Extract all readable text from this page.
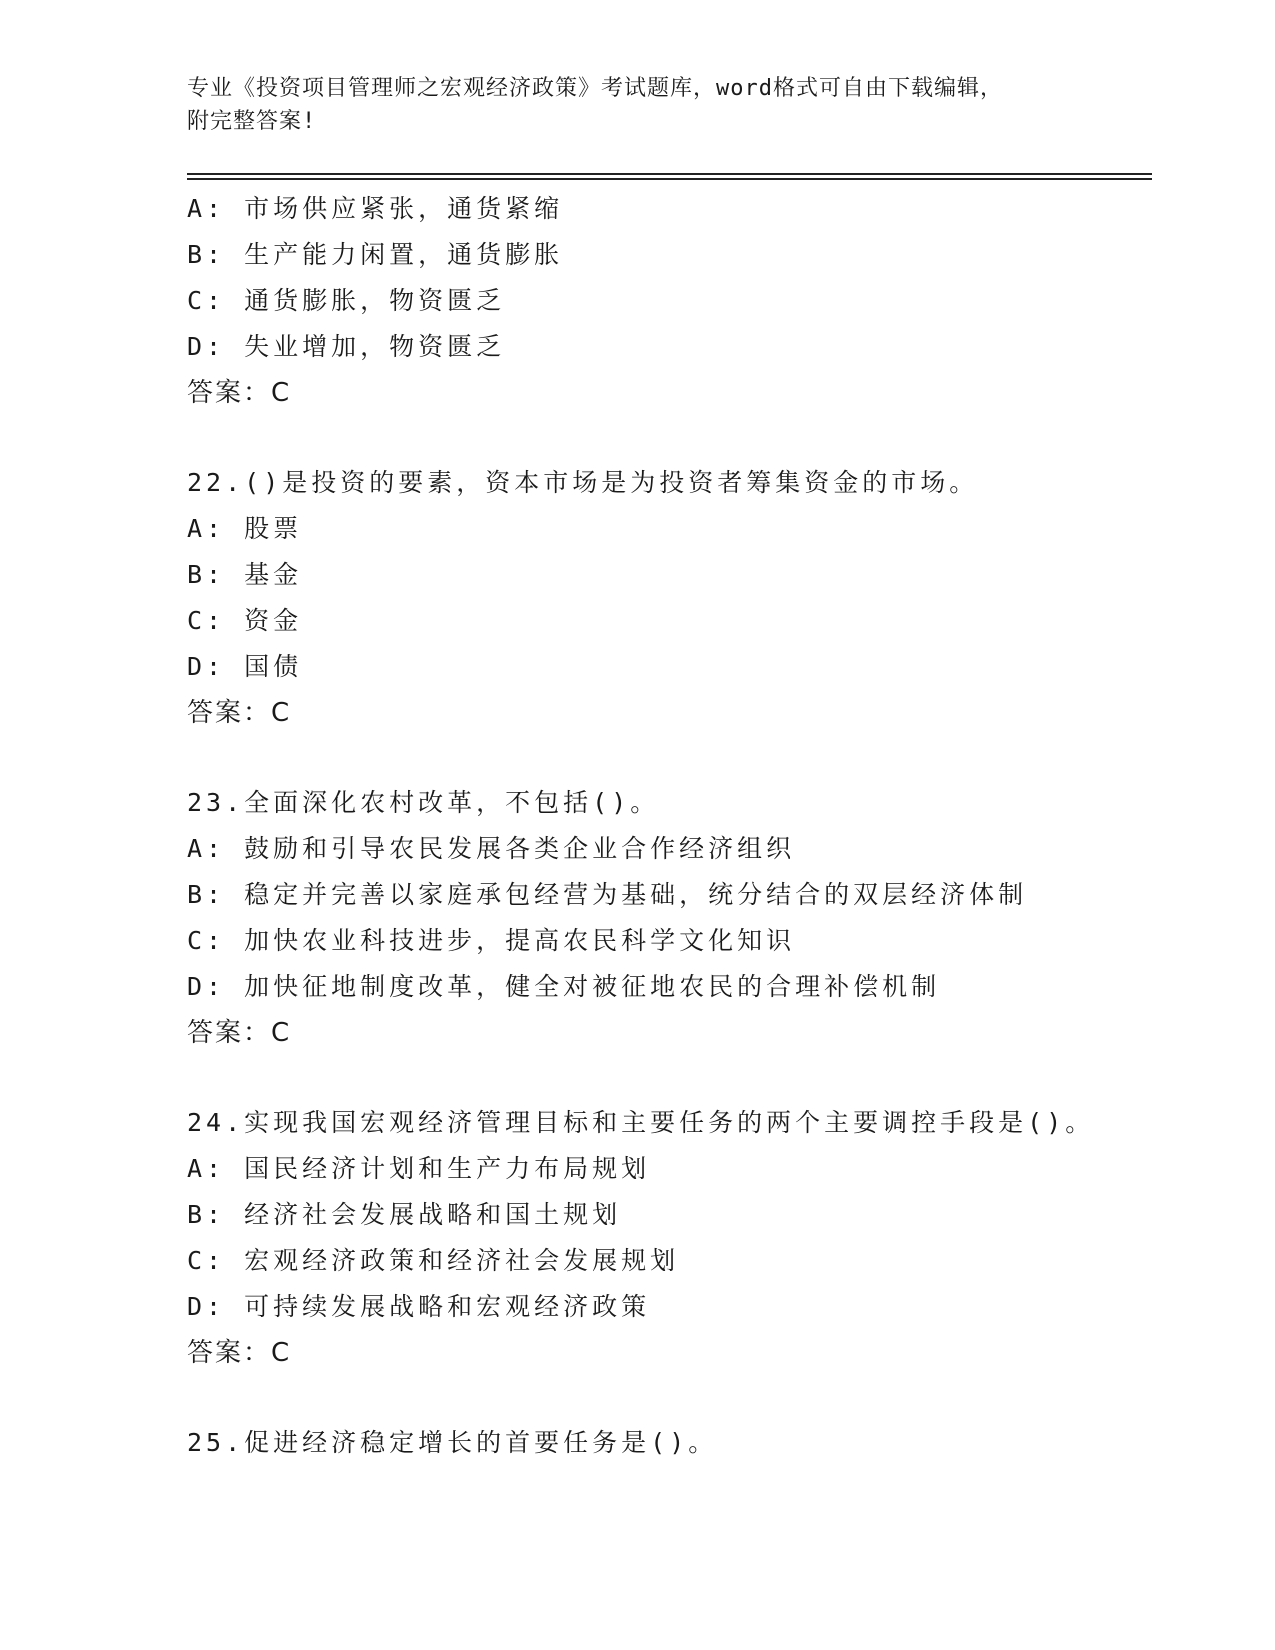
专业《投资项目管理师之宏观经济政策》考试题库，word格式可自由下载编辑，
附完整答案!
A: 市场供应紧张，通货紧缩
B: 生产能力闲置，通货膨胀
C: 通货膨胀，物资匮乏
D: 失业增加，物资匮乏
答案：C
22.()是投资的要素，资本市场是为投资者筹集资金的市场。
A: 股票
B: 基金
C: 资金
D: 国债
答案：C
23.全面深化农村改革，不包括()。
A: 鼓励和引导农民发展各类企业合作经济组织
B: 稳定并完善以家庭承包经营为基础，统分结合的双层经济体制
C: 加快农业科技进步，提高农民科学文化知识
D: 加快征地制度改革，健全对被征地农民的合理补偿机制
答案：C
24.实现我国宏观经济管理目标和主要任务的两个主要调控手段是()。
A: 国民经济计划和生产力布局规划
B: 经济社会发展战略和国土规划
C: 宏观经济政策和经济社会发展规划
D: 可持续发展战略和宏观经济政策
答案：C
25.促进经济稳定增长的首要任务是()。
